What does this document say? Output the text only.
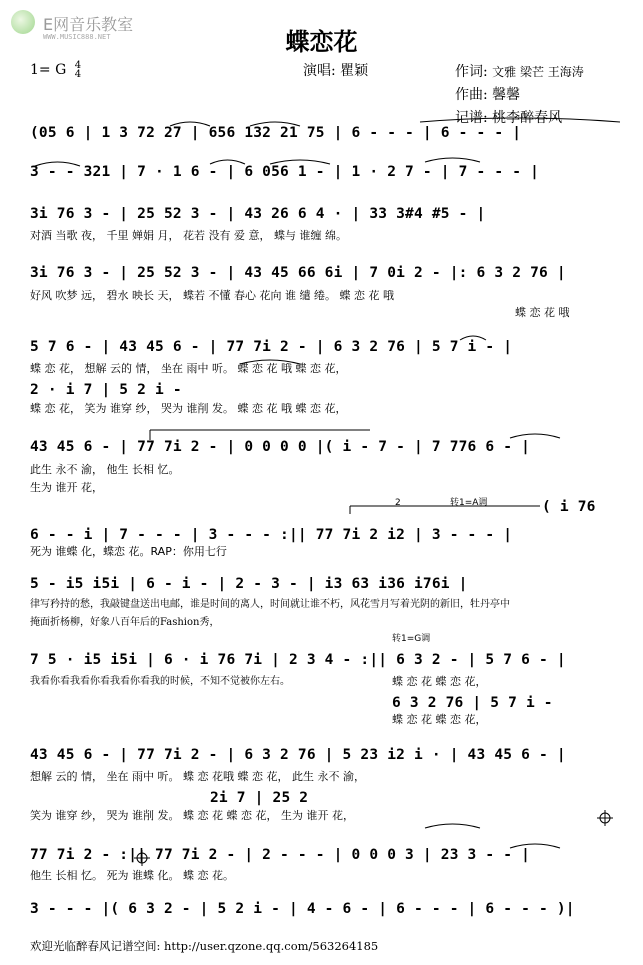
E网音乐教室
WWW.MUSIC888.NET	蝶恋花
演唱: 瞿颖	作词: 文雅 梁芒 王海涛
作曲: 馨馨
记谱: 桃李醉春风
1= G 4
4
(05 6 | 1 3 72 27 | 656 132 21 75 | 6 - - - | 6 - - - |
3 - - 321 | 7 · 1 6 - | 6 056 1 - | 1 · 2 7 - | 7 - - - |
3i 76 3 - | 25 52 3 - | 43 26 6 4 · | 33 3#4 #5 - |
对酒 当歌 夜， 千里 婵娟 月， 花若 没有 爱 意， 蝶与 谁缠 绵。
3i 76 3 - | 25 52 3 - | 43 45 66 6i | 7 0i 2 - |: 6 3 2 76 |
好风 吹梦 远， 碧水 映长 天， 蝶若 不懂 春心 花向 谁 缱 绻。 蝶 恋 花 哦
蝶 恋 花 哦
5 7 6 - | 43 45 6 - | 77 7i 2 - | 6 3 2 76 | 5 7 i - |
蝶 恋 花， 想解 云的 情， 坐在 雨中 听。 蝶 恋 花 哦 蝶 恋 花，
2 · i 7 | 5 2 i -
蝶 恋 花， 笑为 谁穿 纱， 哭为 谁削 发。 蝶 恋 花 哦 蝶 恋 花，
43 45 6 - | 77 7i 2 - | 0 0 0 0 |( i - 7 - | 7 776 6 - |
此生 永不 渝， 他生 长相 忆。
生为 谁开 花，
2	转1=A调	( i 76
6 - - i | 7 - - - | 3 - - - :|| 77 7i 2 i2 | 3 - - - |
死为 谁蝶 化，蝶恋 花。RAP：你用七行
5 - i5 i5i | 6 - i - | 2 - 3 - | i3 63 i36 i76i |
律写矜持的愁，我敲键盘送出电邮，谁是时间的离人，时间就让谁不朽，风花雪月写着光阴的新旧，牡丹亭中
掩面折杨柳，好象八百年后的Fashion秀，
转1=G调
7 5 · i5 i5i | 6 · i 76 7i | 2 3 4 - :|| 6 3 2 - | 5 7 6 - |
我看你看我看你看我看你看我的时候，不知不觉被你左右。	蝶 恋 花 蝶 恋 花，
6 3 2 76 | 5 7 i -
蝶 恋 花 蝶 恋 花，
43 45 6 - | 77 7i 2 - | 6 3 2 76 | 5 23 i2 i · | 43 45 6 - |
想解 云的 情， 坐在 雨中 听。 蝶 恋 花哦 蝶 恋 花， 此生 永不 渝，
2i 7 | 25 2
笑为 谁穿 纱， 哭为 谁削 发。 蝶 恋 花 蝶 恋 花， 生为 谁开 花，
77 7i 2 - :|| 77 7i 2 - | 2 - - - | 0 0 0 3 | 23 3 - - |
他生 长相 忆。 死为 谁蝶 化。 蝶 恋 花。
3 - - - |( 6 3 2 - | 5 2 i - | 4 - 6 - | 6 - - - | 6 - - - )|
欢迎光临醉春风记谱空间: http://user.qzone.qq.com/563264185
